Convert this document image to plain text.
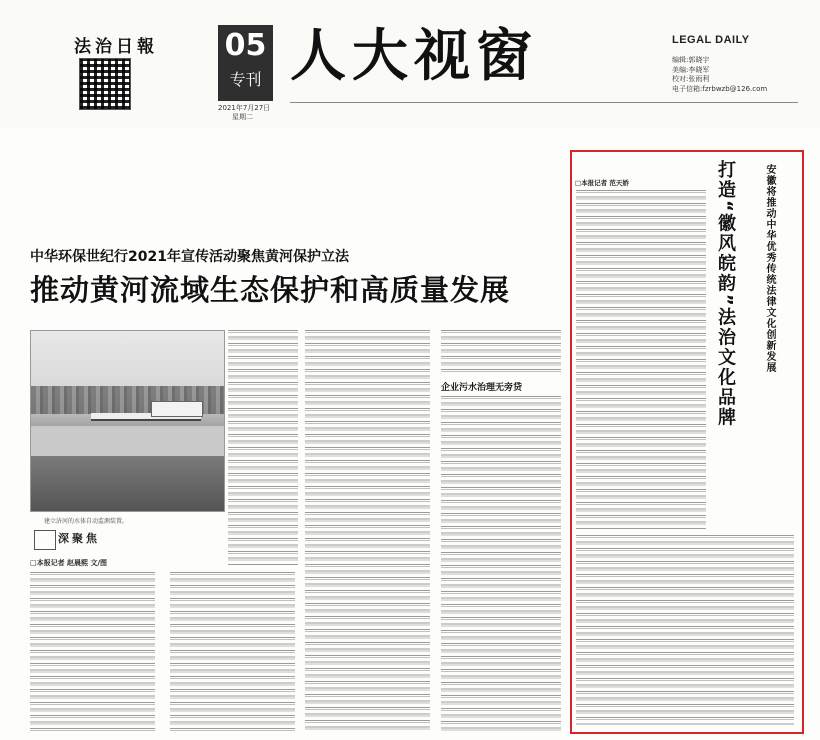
法治日報 05
专刊 人大视窗
2021年7月27日
星期二
LEGAL DAILY
编辑:郭晓宇
美编:李晓军
校对:张雨利
电子信箱:fzrbwzb@126.com
中华环保世纪行2021年宣传活动聚焦黄河保护立法
推动黄河流域生态保护和高质量发展
建立济河的水体自动监测装置。
深聚焦
□本报记者 赵晨熙 文/图
企业污水治理无旁贷
□本报记者 范天娇	打造“徽风皖韵”法治文化品牌	安徽将推动中华优秀传统法律文化创新发展
